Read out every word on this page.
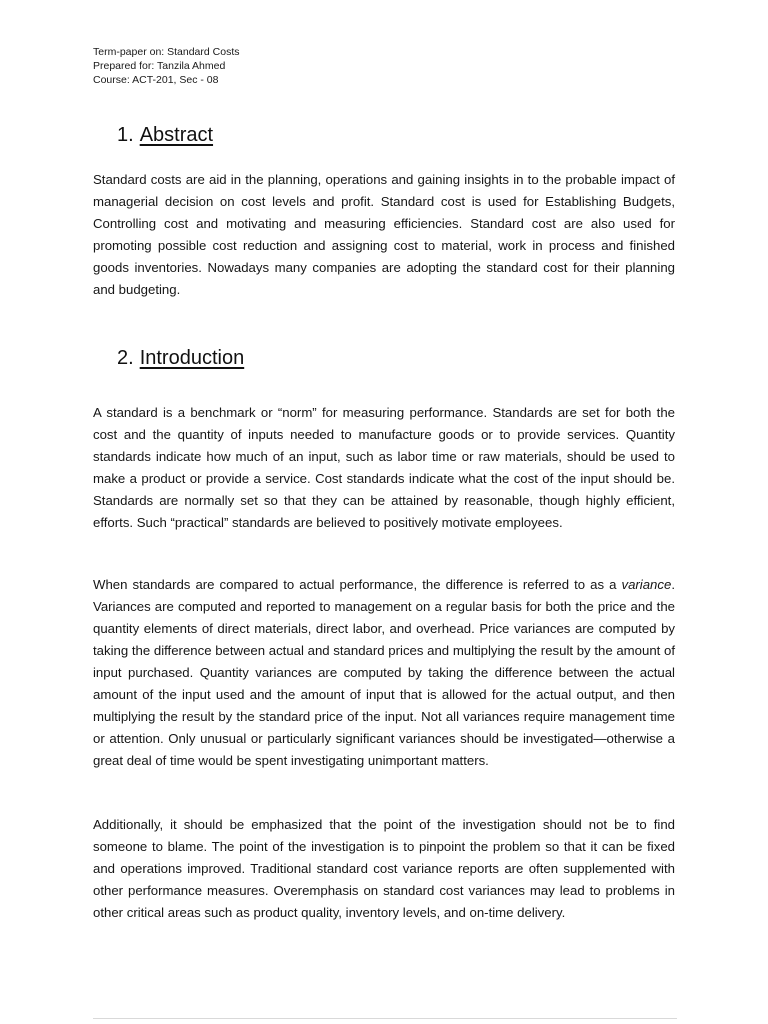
Term-paper on: Standard Costs
Prepared for: Tanzila Ahmed
Course: ACT-201, Sec - 08
1. Abstract

Standard costs are aid in the planning, operations and gaining insights in to the probable impact of managerial decision on cost levels and profit. Standard cost is used for Establishing Budgets, Controlling cost and motivating and measuring efficiencies. Standard cost are also used for promoting possible cost reduction and assigning cost to material, work in process and finished goods inventories. Nowadays many companies are adopting the standard cost for their planning and budgeting.

2. Introduction

A standard is a benchmark or “norm” for measuring performance. Standards are set for both the cost and the quantity of inputs needed to manufacture goods or to provide services. Quantity standards indicate how much of an input, such as labor time or raw materials, should be used to make a product or provide a service. Cost standards indicate what the cost of the input should be. Standards are normally set so that they can be attained by reasonable, though highly efficient, efforts. Such “practical” standards are believed to positively motivate employees.

When standards are compared to actual performance, the difference is referred to as a variance. Variances are computed and reported to management on a regular basis for both the price and the quantity elements of direct materials, direct labor, and overhead. Price variances are computed by taking the difference between actual and standard prices and multiplying the result by the amount of input purchased. Quantity variances are computed by taking the difference between the actual amount of the input used and the amount of input that is allowed for the actual output, and then multiplying the result by the standard price of the input. Not all variances require management time or attention. Only unusual or particularly significant variances should be investigated—otherwise a great deal of time would be spent investigating unimportant matters.

Additionally, it should be emphasized that the point of the investigation should not be to find someone to blame. The point of the investigation is to pinpoint the problem so that it can be fixed and operations improved. Traditional standard cost variance reports are often supplemented with other performance measures. Overemphasis on standard cost variances may lead to problems in other critical areas such as product quality, inventory levels, and on-time delivery.
